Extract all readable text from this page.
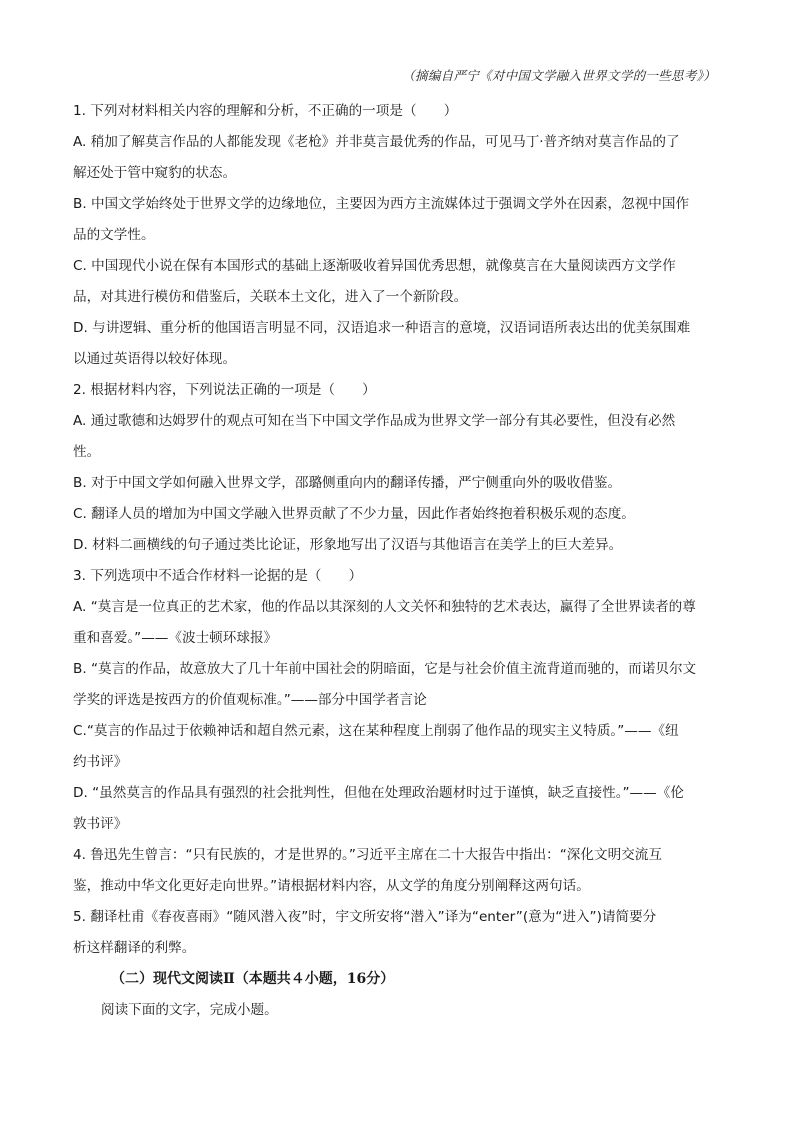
（摘编自严宁《对中国文学融入世界文学的一些思考》）
1. 下列对材料相关内容的理解和分析，不正确的一项是（　　）
A. 稍加了解莫言作品的人都能发现《老枪》并非莫言最优秀的作品，可见马丁·普齐纳对莫言作品的了
解还处于管中窥豹的状态。
B. 中国文学始终处于世界文学的边缘地位，主要因为西方主流媒体过于强调文学外在因素，忽视中国作
品的文学性。
C. 中国现代小说在保有本国形式的基础上逐渐吸收着异国优秀思想，就像莫言在大量阅读西方文学作
品，对其进行模仿和借鉴后，关联本土文化，进入了一个新阶段。
D. 与讲逻辑、重分析的他国语言明显不同，汉语追求一种语言的意境，汉语词语所表达出的优美氛围难
以通过英语得以较好体现。
2. 根据材料内容，下列说法正确的一项是（　　）
A. 通过歌德和达姆罗什的观点可知在当下中国文学作品成为世界文学一部分有其必要性，但没有必然
性。
B. 对于中国文学如何融入世界文学，邵璐侧重向内的翻译传播，严宁侧重向外的吸收借鉴。
C. 翻译人员的增加为中国文学融入世界贡献了不少力量，因此作者始终抱着积极乐观的态度。
D. 材料二画横线的句子通过类比论证，形象地写出了汉语与其他语言在美学上的巨大差异。
3. 下列选项中不适合作材料一论据的是（　　）
A. “莫言是一位真正的艺术家，他的作品以其深刻的人文关怀和独特的艺术表达，赢得了全世界读者的尊
重和喜爱。”——《波士顿环球报》
B. “莫言的作品，故意放大了几十年前中国社会的阴暗面，它是与社会价值主流背道而驰的，而诺贝尔文
学奖的评选是按西方的价值观标准。”——部分中国学者言论
C.“莫言的作品过于依赖神话和超自然元素，这在某种程度上削弱了他作品的现实主义特质。”——《纽
约书评》
D. “虽然莫言的作品具有强烈的社会批判性，但他在处理政治题材时过于谨慎，缺乏直接性。”——《伦
敦书评》
4. 鲁迅先生曾言：“只有民族的，才是世界的。”习近平主席在二十大报告中指出：“深化文明交流互
鉴，推动中华文化更好走向世界。”请根据材料内容，从文学的角度分别阐释这两句话。
5. 翻译杜甫《春夜喜雨》“随风潜入夜”时，宇文所安将“潜入”译为“enter”(意为“进入”)请简要分
析这样翻译的利弊。
（二）现代文阅读Ⅱ（本题共４小题，16分）
阅读下面的文字，完成小题。
